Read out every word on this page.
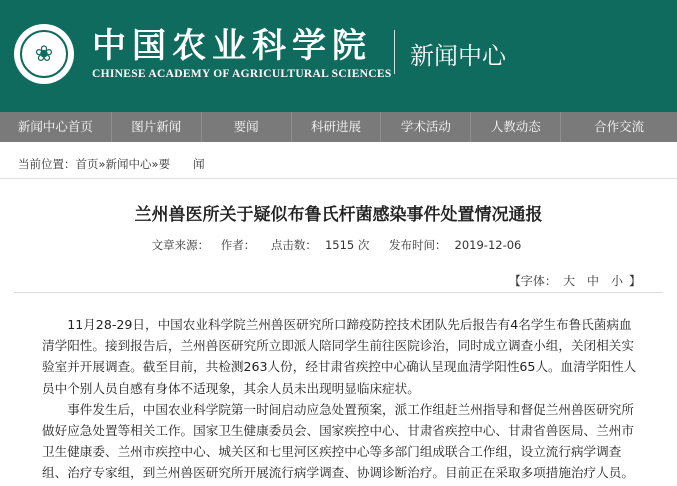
❀	中国农业科学院
CHINESE ACADEMY OF AGRICULTURAL SCIENCES
新闻中心
新闻中心首页	图片新闻	要闻	科研进展	学术活动	人教动态	合作交流
当前位置：首页»新闻中心»要　　闻
兰州兽医所关于疑似布鲁氏杆菌感染事件处置情况通报
文章来源： 作者： 点击数： 1515 次 发布时间： 2019-12-06
【字体： 大 中 小 】

11月28-29日，中国农业科学院兰州兽医研究所口蹄疫防控技术团队先后报告有4名学生布鲁氏菌病血清学阳性。接到报告后，兰州兽医研究所立即派人陪同学生前往医院诊治，同时成立调查小组，关闭相关实验室并开展调查。截至目前，共检测263人份，经甘肃省疾控中心确认呈现血清学阳性65人。血清学阳性人员中个别人员自感有身体不适现象，其余人员未出现明显临床症状。

事件发生后，中国农业科学院第一时间启动应急处置预案，派工作组赶兰州指导和督促兰州兽医研究所做好应急处置等相关工作。国家卫生健康委员会、国家疾控中心、甘肃省疾控中心、甘肃省兽医局、兰州市卫生健康委、兰州市疾控中心、城关区和七里河区疾控中心等多部门组成联合工作组，设立流行病学调查组、治疗专家组，到兰州兽医研究所开展流行病学调查、协调诊断治疗。目前正在采取多项措施治疗人员。
